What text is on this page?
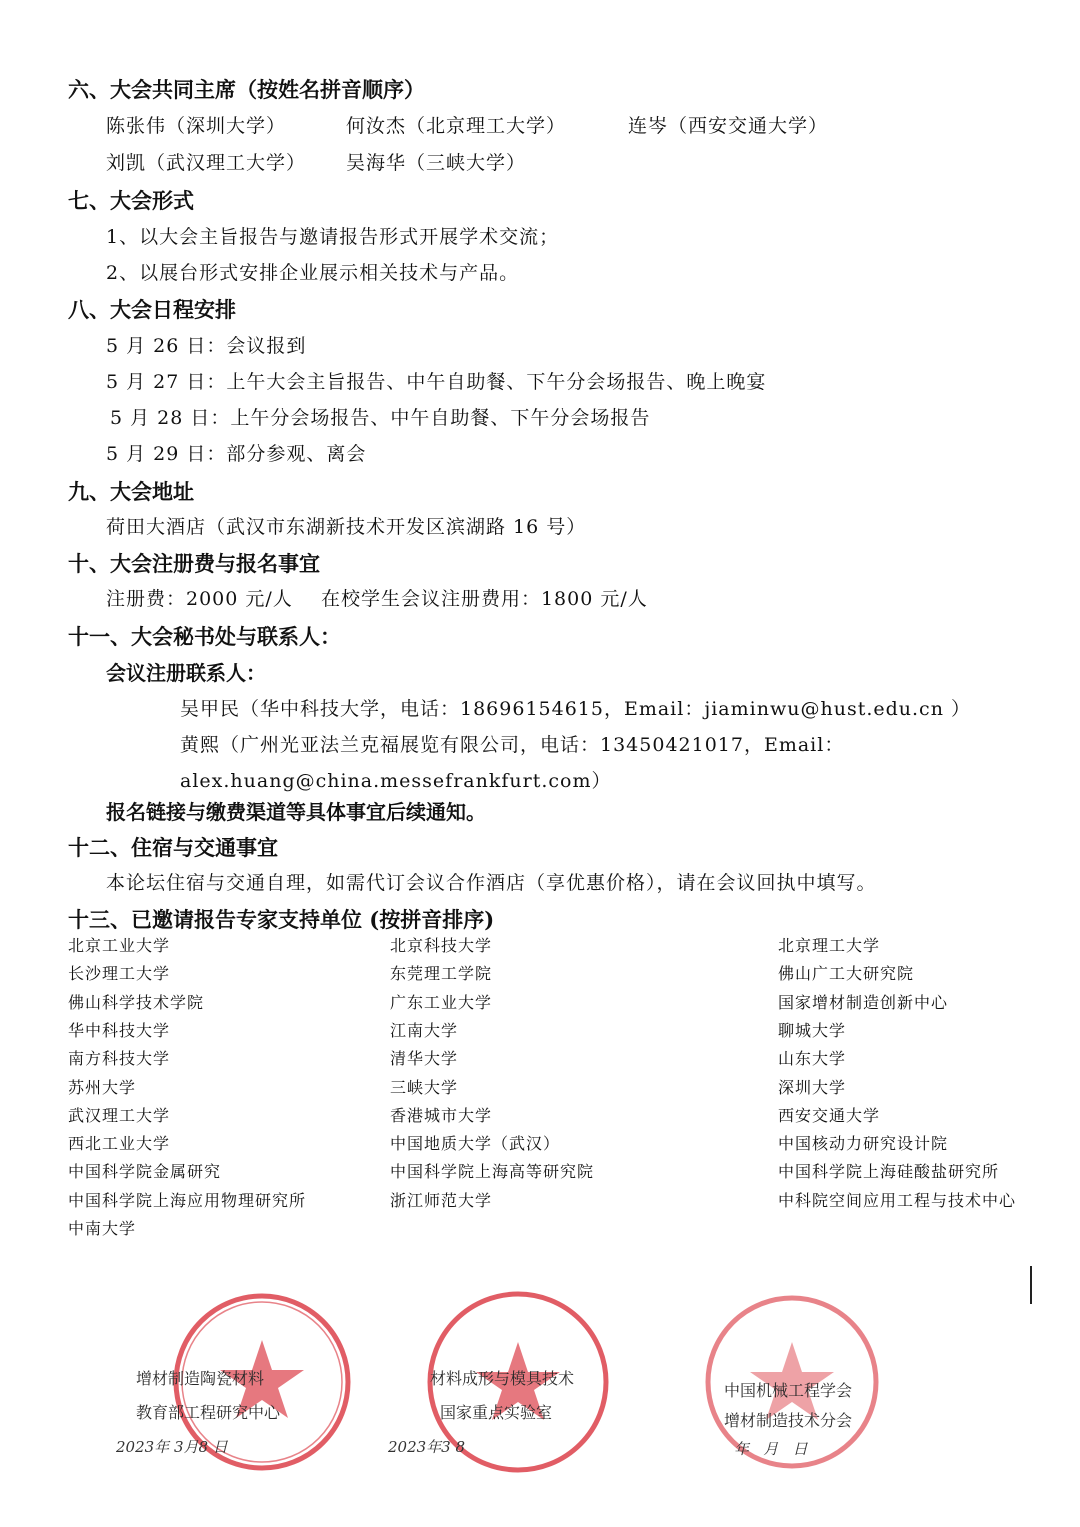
六、大会共同主席（按姓名拼音顺序）
陈张伟（深圳大学）	何汝杰（北京理工大学）	连岑（西安交通大学）
刘凯（武汉理工大学） 吴海华（三峡大学）
七、大会形式
1、以大会主旨报告与邀请报告形式开展学术交流；
2、以展台形式安排企业展示相关技术与产品。
八、大会日程安排
5 月 26 日：会议报到
5 月 27 日：上午大会主旨报告、中午自助餐、下午分会场报告、晚上晚宴
5 月 28 日：上午分会场报告、中午自助餐、下午分会场报告
5 月 29 日：部分参观、离会
九、大会地址
荷田大酒店（武汉市东湖新技术开发区滨湖路 16 号）
十、大会注册费与报名事宜
注册费：2000 元/人    在校学生会议注册费用：1800 元/人
十一、大会秘书处与联系人：
会议注册联系人：
吴甲民（华中科技大学，电话：18696154615，Email：jiaminwu@hust.edu.cn ）
黄熙（广州光亚法兰克福展览有限公司，电话：13450421017，Email：
alex.huang@china.messefrankfurt.com）
报名链接与缴费渠道等具体事宜后续通知。
十二、住宿与交通事宜
本论坛住宿与交通自理，如需代订会议合作酒店（享优惠价格），请在会议回执中填写。
十三、已邀请报告专家支持单位 (按拼音排序)
北京工业大学
长沙理工大学
佛山科学技术学院
华中科技大学
南方科技大学
苏州大学
武汉理工大学
西北工业大学
中国科学院金属研究
中国科学院上海应用物理研究所
中南大学
北京科技大学
东莞理工学院
广东工业大学
江南大学
清华大学
三峡大学
香港城市大学
中国地质大学（武汉）
中国科学院上海高等研究院
浙江师范大学
北京理工大学
佛山广工大研究院
国家增材制造创新中心
聊城大学
山东大学
深圳大学
西安交通大学
中国核动力研究设计院
中国科学院上海硅酸盐研究所
中科院空间应用工程与技术中心
增材制造陶瓷材料
教育部工程研究中心
2023年 3月8 日
材料成形与模具技术
国家重点实验室
2023年3 8
中国机械工程学会
增材制造技术分会
年   月   日
